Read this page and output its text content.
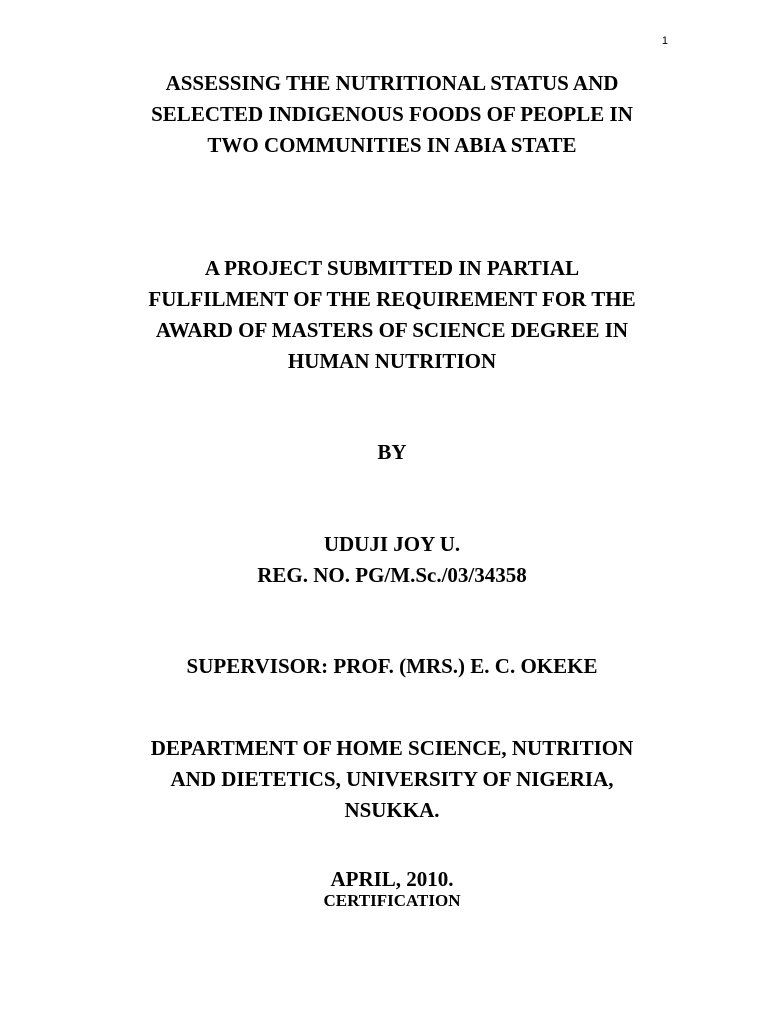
1
ASSESSING THE NUTRITIONAL STATUS AND
SELECTED INDIGENOUS FOODS OF PEOPLE IN
TWO COMMUNITIES IN ABIA STATE
A PROJECT SUBMITTED IN PARTIAL
FULFILMENT OF THE REQUIREMENT FOR THE
AWARD OF MASTERS OF SCIENCE DEGREE IN
HUMAN NUTRITION
BY
UDUJI JOY U.
REG. NO. PG/M.Sc./03/34358
SUPERVISOR: PROF. (MRS.) E. C. OKEKE
DEPARTMENT OF HOME SCIENCE, NUTRITION
AND DIETETICS, UNIVERSITY OF NIGERIA,
NSUKKA.
APRIL, 2010.
CERTIFICATION
